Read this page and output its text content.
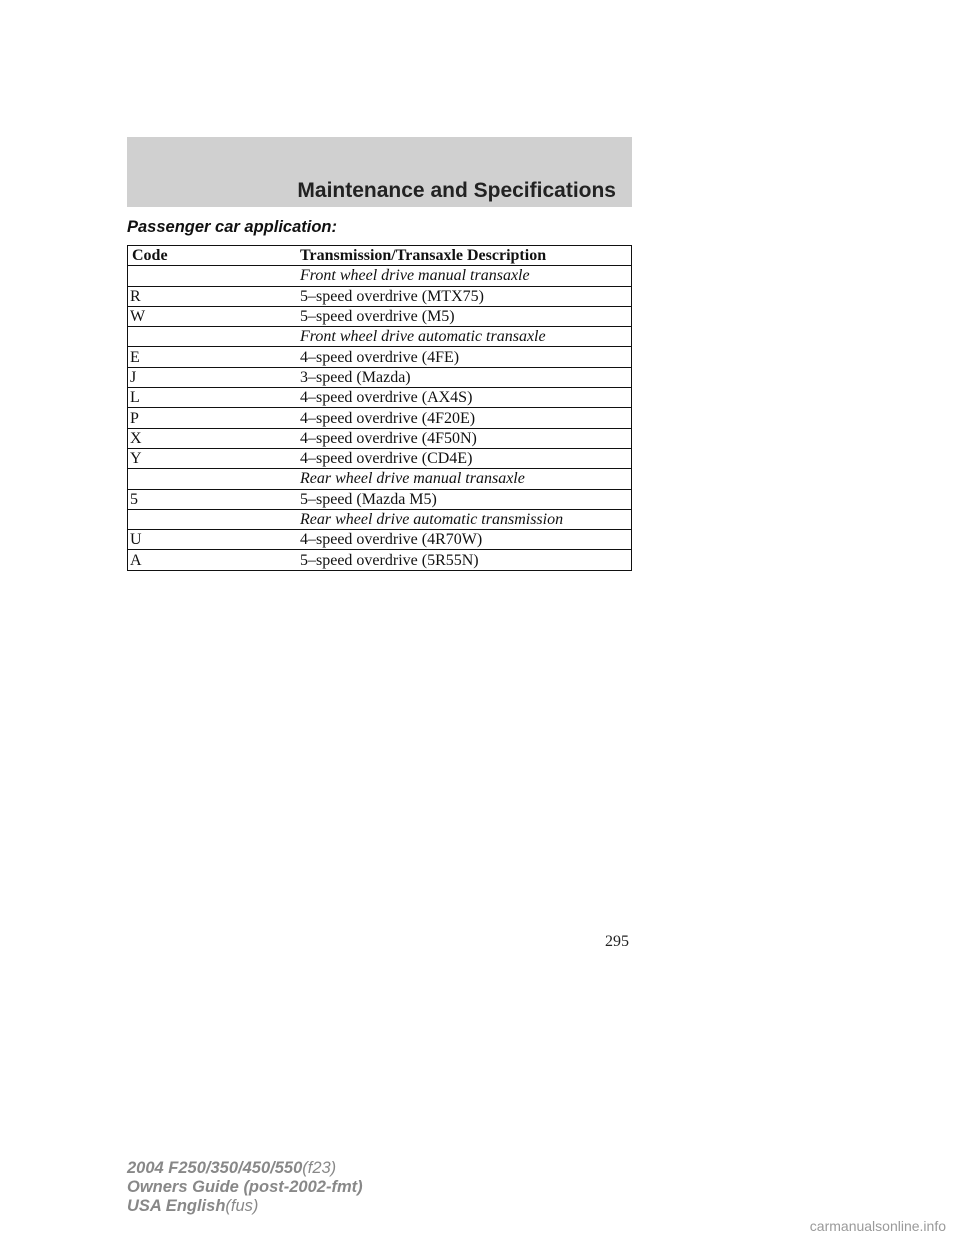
Maintenance and Specifications
Passenger car application:
Code	Transmission/Transaxle Description
	Front wheel drive manual transaxle
R	5–speed overdrive (MTX75)
W	5–speed overdrive (M5)
	Front wheel drive automatic transaxle
E	4–speed overdrive (4FE)
J	3–speed (Mazda)
L	4–speed overdrive (AX4S)
P	4–speed overdrive (4F20E)
X	4–speed overdrive (4F50N)
Y	4–speed overdrive (CD4E)
	Rear wheel drive manual transaxle
5	5–speed (Mazda M5)
	Rear wheel drive automatic transmission
U	4–speed overdrive (4R70W)
A	5–speed overdrive (5R55N)
295
2004 F250/350/450/550(f23)
Owners Guide (post-2002-fmt)
USA English(fus)
carmanualsonline.info
